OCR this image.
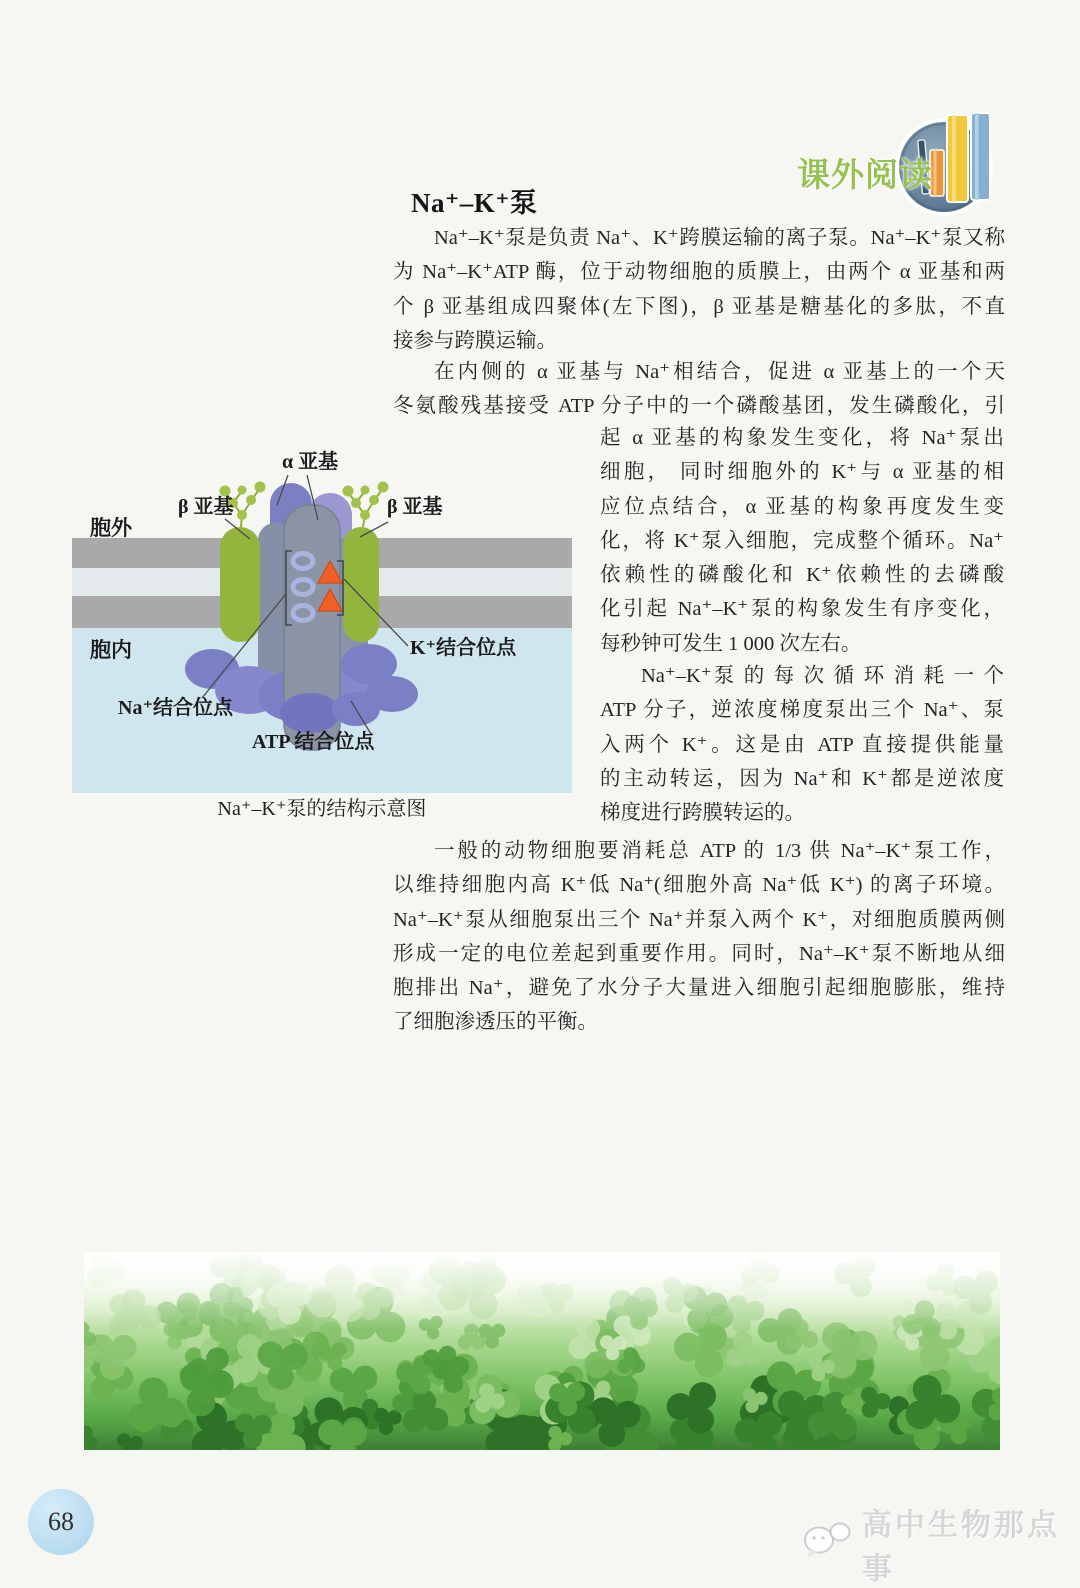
课外阅读
Na⁺–K⁺泵
Na⁺–K⁺泵是负责 Na⁺、K⁺跨膜运输的离子泵。Na⁺–K⁺泵又称
为 Na⁺–K⁺ATP 酶，位于动物细胞的质膜上，由两个 α 亚基和两
个 β 亚基组成四聚体(左下图)，β 亚基是糖基化的多肽，不直
接参与跨膜运输。
在内侧的 α 亚基与 Na⁺相结合，促进 α 亚基上的一个天
冬氨酸残基接受 ATP 分子中的一个磷酸基团，发生磷酸化，引
起 α 亚基的构象发生变化，将 Na⁺泵出
细胞， 同时细胞外的 K⁺与 α 亚基的相
应位点结合，α 亚基的构象再度发生变
化，将 K⁺泵入细胞，完成整个循环。Na⁺
依赖性的磷酸化和 K⁺依赖性的去磷酸
化引起 Na⁺–K⁺泵的构象发生有序变化，
每秒钟可发生 1 000 次左右。
Na⁺–K⁺泵 的 每 次 循 环 消 耗 一 个
ATP 分子，逆浓度梯度泵出三个 Na⁺、泵
入两个 K⁺。这是由 ATP 直接提供能量
的主动转运，因为 Na⁺和 K⁺都是逆浓度
梯度进行跨膜转运的。
一般的动物细胞要消耗总 ATP 的 1/3 供 Na⁺–K⁺泵工作，
以维持细胞内高 K⁺低 Na⁺(细胞外高 Na⁺低 K⁺) 的离子环境。
Na⁺–K⁺泵从细胞泵出三个 Na⁺并泵入两个 K⁺，对细胞质膜两侧
形成一定的电位差起到重要作用。同时，Na⁺–K⁺泵不断地从细
胞排出 Na⁺，避免了水分子大量进入细胞引起细胞膨胀，维持
了细胞渗透压的平衡。
胞外
胞内
β 亚基
α 亚基
β 亚基
K⁺结合位点
Na⁺结合位点
ATP 结合位点
Na⁺–K⁺泵的结构示意图
68	高中生物那点事
